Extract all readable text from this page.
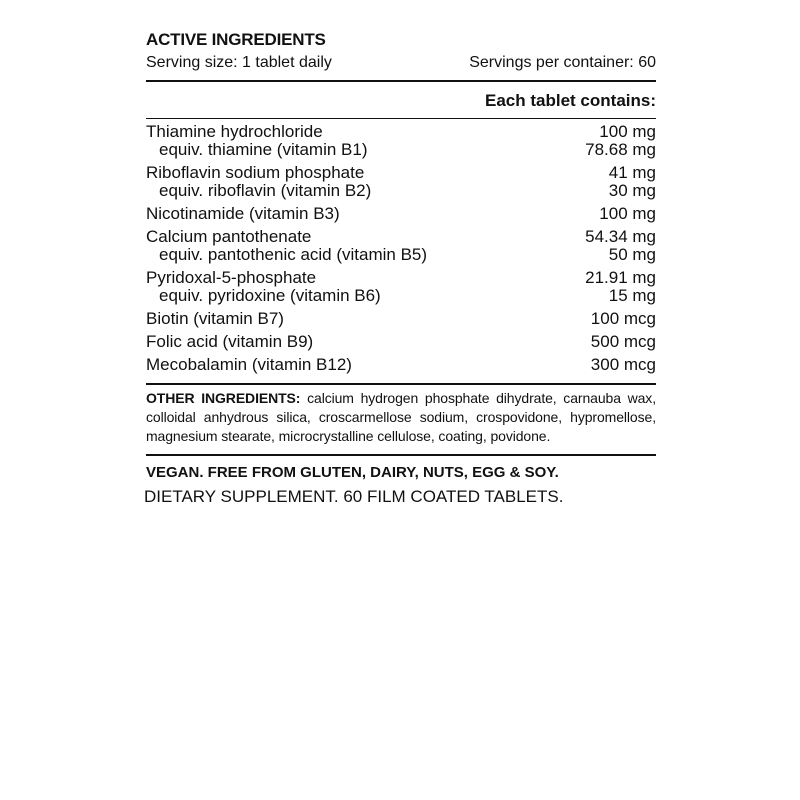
ACTIVE INGREDIENTS
Serving size: 1 tablet daily	Servings per container: 60
Each tablet contains:
Thiamine hydrochloride	100 mg
equiv. thiamine (vitamin B1)	78.68 mg
Riboflavin sodium phosphate	41 mg
equiv. riboflavin (vitamin B2)	30 mg
Nicotinamide (vitamin B3)	100 mg
Calcium pantothenate	54.34 mg
equiv. pantothenic acid (vitamin B5)	50 mg
Pyridoxal-5-phosphate	21.91 mg
equiv. pyridoxine (vitamin B6)	15 mg
Biotin (vitamin B7)	100 mcg
Folic acid (vitamin B9)	500 mcg
Mecobalamin (vitamin B12)	300 mcg
OTHER INGREDIENTS: calcium hydrogen phosphate dihydrate, carnauba wax, colloidal anhydrous silica, croscarmellose sodium, crospovidone, hypromellose, magnesium stearate, microcrystalline cellulose, coating, povidone.
VEGAN. FREE FROM GLUTEN, DAIRY, NUTS, EGG & SOY.
DIETARY SUPPLEMENT. 60 FILM COATED TABLETS.
